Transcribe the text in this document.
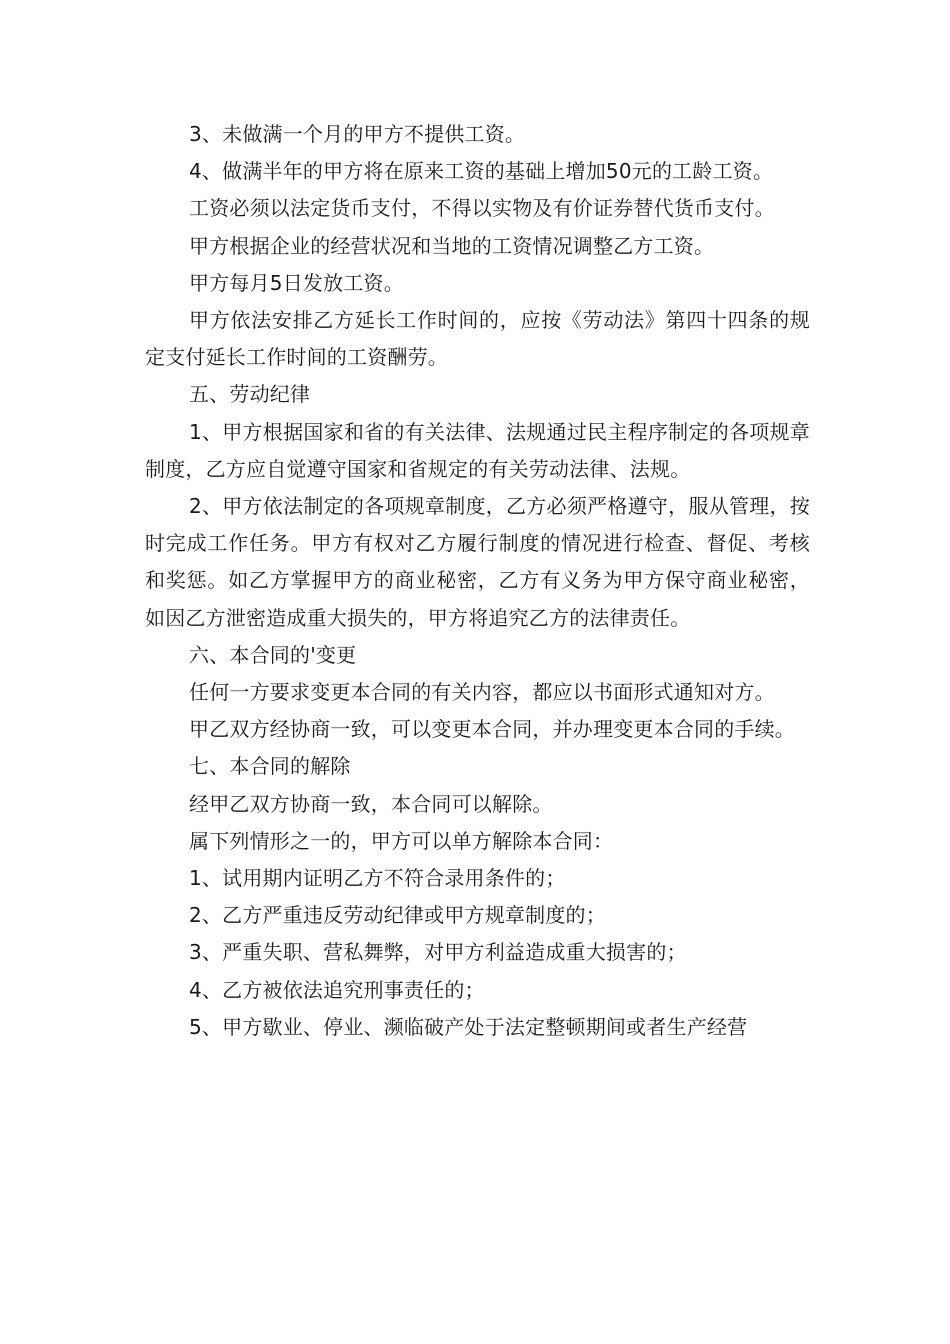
3、未做满一个月的甲方不提供工资。

4、做满半年的甲方将在原来工资的基础上增加50元的工龄工资。

工资必须以法定货币支付，不得以实物及有价证券替代货币支付。

甲方根据企业的经营状况和当地的工资情况调整乙方工资。

甲方每月5日发放工资。

甲方依法安排乙方延长工作时间的，应按《劳动法》第四十四条的规定支付延长工作时间的工资酬劳。

五、劳动纪律

1、甲方根据国家和省的有关法律、法规通过民主程序制定的各项规章制度，乙方应自觉遵守国家和省规定的有关劳动法律、法规。

2、甲方依法制定的各项规章制度，乙方必须严格遵守，服从管理，按时完成工作任务。甲方有权对乙方履行制度的情况进行检查、督促、考核和奖惩。如乙方掌握甲方的商业秘密，乙方有义务为甲方保守商业秘密，如因乙方泄密造成重大损失的，甲方将追究乙方的法律责任。

六、本合同的'变更

任何一方要求变更本合同的有关内容，都应以书面形式通知对方。

甲乙双方经协商一致，可以变更本合同，并办理变更本合同的手续。

七、本合同的解除

经甲乙双方协商一致，本合同可以解除。

属下列情形之一的，甲方可以单方解除本合同：

1、试用期内证明乙方不符合录用条件的；

2、乙方严重违反劳动纪律或甲方规章制度的；

3、严重失职、营私舞弊，对甲方利益造成重大损害的；

4、乙方被依法追究刑事责任的；

5、甲方歇业、停业、濒临破产处于法定整顿期间或者生产经营
